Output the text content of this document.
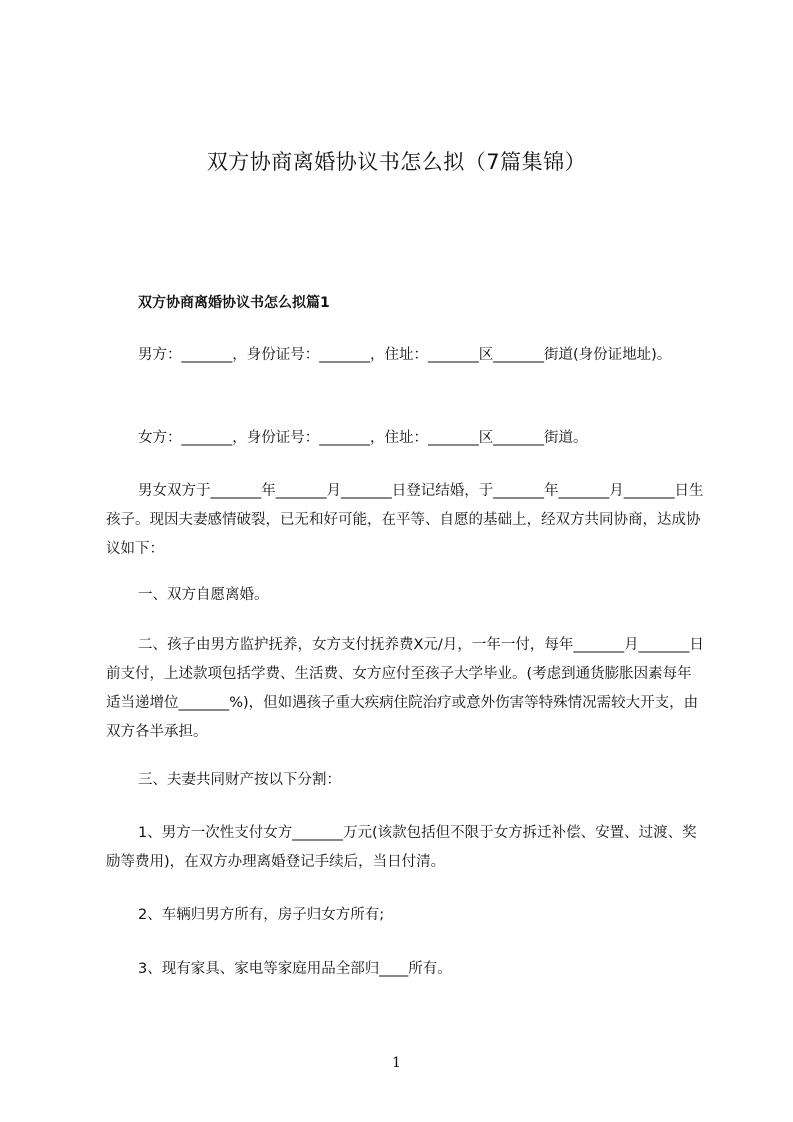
双方协商离婚协议书怎么拟（7篇集锦）
双方协商离婚协议书怎么拟篇1

男方：_______，身份证号：_______，住址：_______区_______街道(身份证地址)。

女方：_______，身份证号：_______，住址：_______区_______街道。

男女双方于_______年_______月_______日登记结婚，于_______年_______月_______日生孩子。现因夫妻感情破裂，已无和好可能，在平等、自愿的基础上，经双方共同协商，达成协议如下：

一、双方自愿离婚。

二、孩子由男方监护抚养，女方支付抚养费X元/月，一年一付，每年_______月_______日前支付，上述款项包括学费、生活费、女方应付至孩子大学毕业。(考虑到通货膨胀因素每年适当递增位_______%)，但如遇孩子重大疾病住院治疗或意外伤害等特殊情况需较大开支，由双方各半承担。

三、夫妻共同财产按以下分割：

1、男方一次性支付女方_______万元(该款包括但不限于女方拆迁补偿、安置、过渡、奖励等费用)，在双方办理离婚登记手续后，当日付清。

2、车辆归男方所有，房子归女方所有;

3、现有家具、家电等家庭用品全部归____所有。

1
